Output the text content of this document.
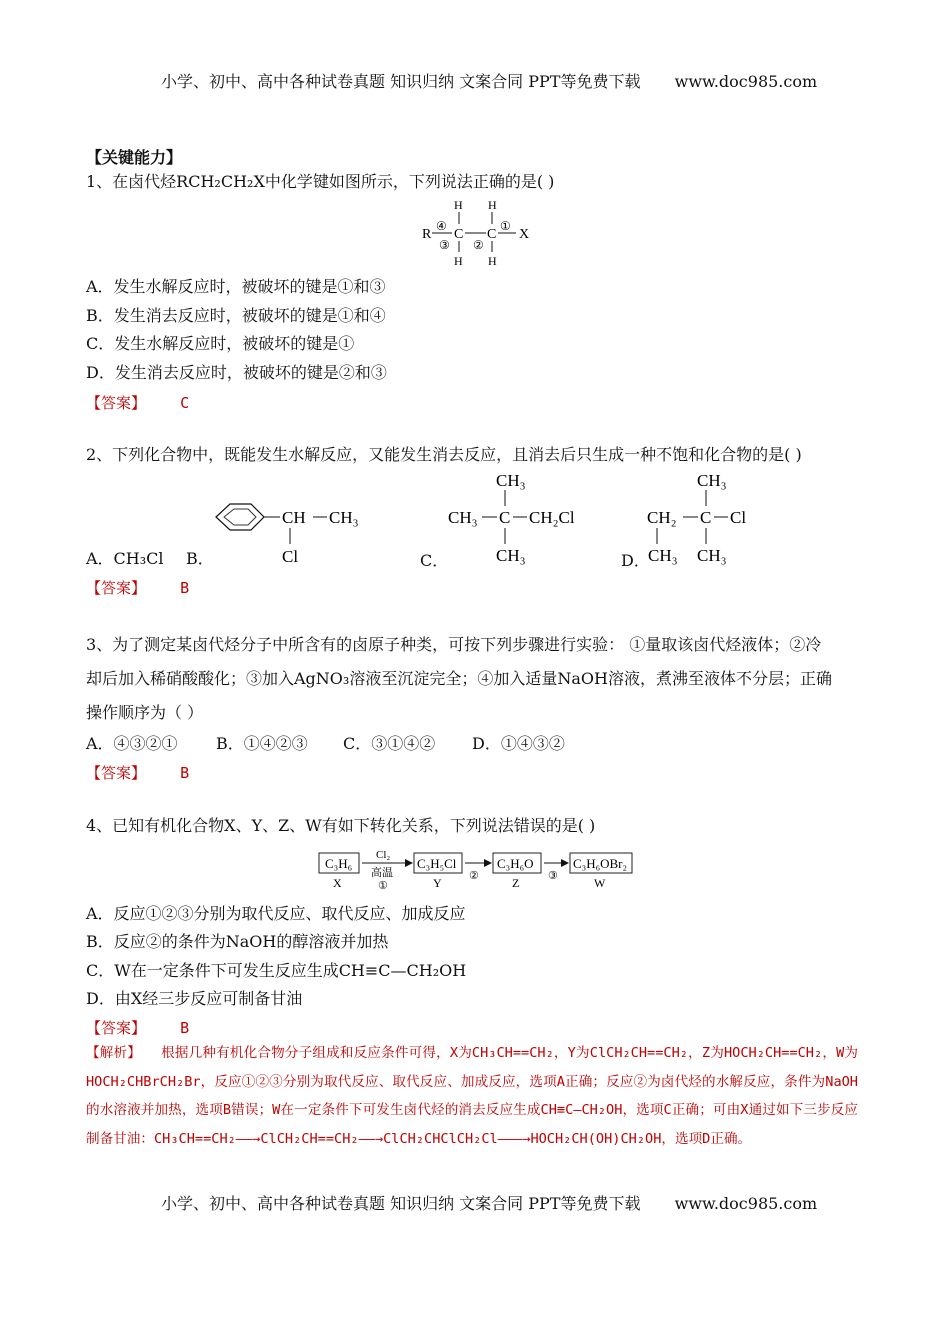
小学、初中、高中各种试卷真题 知识归纳 文案合同 PPT等免费下载 www.doc985.com
【关键能力】
1、在卤代烃RCH₂CH₂X中化学键如图所示，下列说法正确的是( )
R
④
③
C
H
H
②
C
H
H
①
X
A．发生水解反应时，被破坏的键是①和③
B．发生消去反应时，被破坏的键是①和④
C．发生水解反应时，被破坏的键是①
D．发生消去反应时，被破坏的键是②和③
【答案】 C
2、下列化合物中，既能发生水解反应，又能发生消去反应，且消去后只生成一种不饱和化合物的是( )
A．CH₃Cl B．
CH CH₃
Cl	C．
CH₃
CH₃ C CH₂Cl
CH₃	D．
CH₃
CH₂ C Cl
CH₃ CH₃
【答案】 B
3、为了测定某卤代烃分子中所含有的卤原子种类，可按下列步骤进行实验： ①量取该卤代烃液体；②冷
却后加入稀硝酸酸化；③加入AgNO₃溶液至沉淀完全；④加入适量NaOH溶液，煮沸至液体不分层；正确
操作顺序为（ ）
A．④③②① B．①④②③ C．③①④② D．①④③②
【答案】 B
4、已知有机化合物X、Y、Z、W有如下转化关系，下列说法错误的是( )
C₃H₆
X
Cl₂
高温
①
C₃H₅Cl
Y ②
C₃H₆O
Z	③
C₃H₆OBr₂
W
A．反应①②③分别为取代反应、取代反应、加成反应
B．反应②的条件为NaOH的醇溶液并加热
C．W在一定条件下可发生反应生成CH≡C—CH₂OH
D．由X经三步反应可制备甘油
【答案】 B
【解析】 根据几种有机化合物分子组成和反应条件可得，X为CH₃CH==CH₂，Y为ClCH₂CH==CH₂，Z为HOCH₂CH==CH₂，W为HOCH₂CHBrCH₂Br，反应①②③分别为取代反应、取代反应、加成反应，选项A正确；反应②为卤代烃的水解反应，条件为NaOH的水溶液并加热，选项B错误；W在一定条件下可发生卤代烃的消去反应生成CH≡C—CH₂OH，选项C正确；可由X通过如下三步反应制备甘油：CH₃CH==CH₂——→ClCH₂CH==CH₂——→ClCH₂CHClCH₂Cl———→HOCH₂CH(OH)CH₂OH，选项D正确。
小学、初中、高中各种试卷真题 知识归纳 文案合同 PPT等免费下载 www.doc985.com
